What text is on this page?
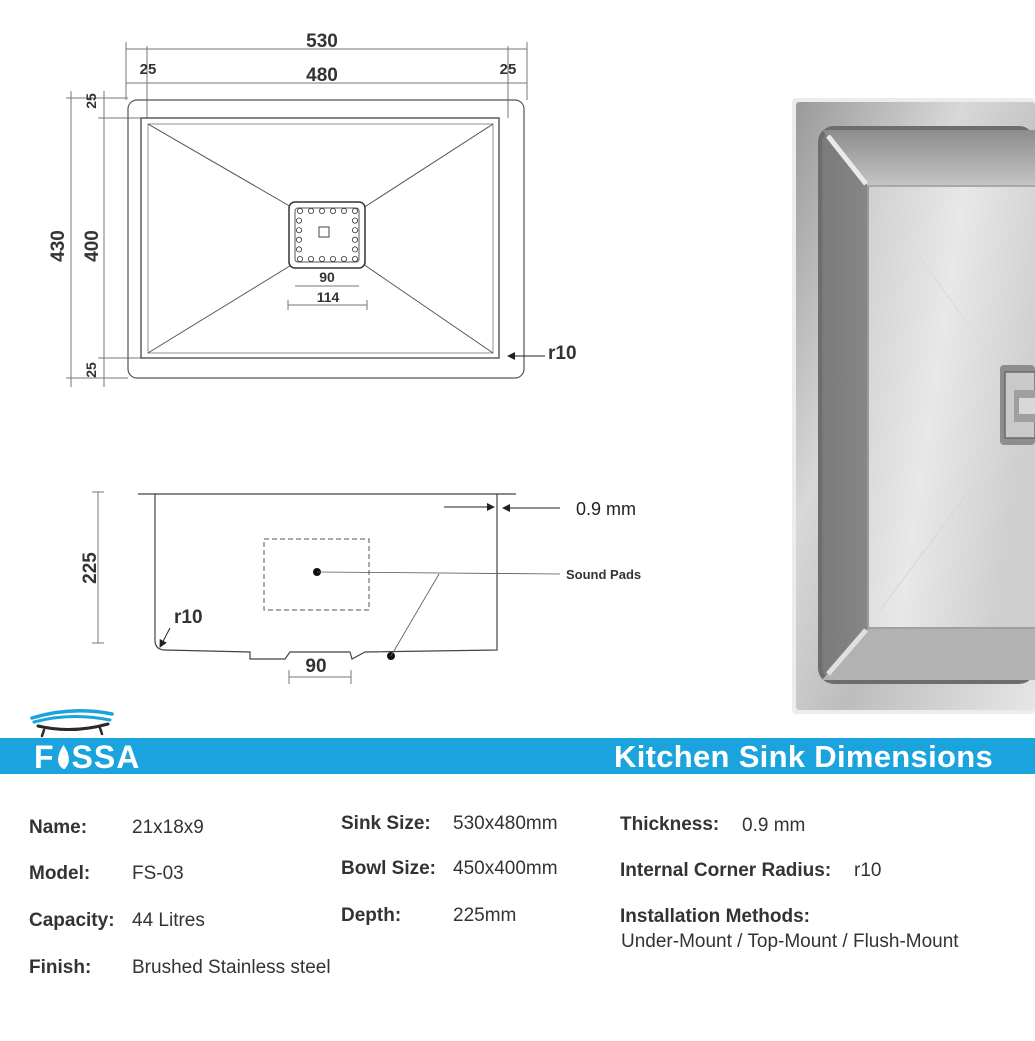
530
480
25	25
430 400
25
25
90
114
r10
225	Sound Pads
0.9 mm
r10
90
F SSA	Kitchen Sink Dimensions
Name: 21x18x9
Model: FS-03
Capacity: 44 Litres
Finish: Brushed Stainless steel
Sink Size: 530x480mm
Bowl Size: 450x400mm
Depth:	225mm
Thickness: 0.9 mm
Internal Corner Radius: r10
Installation Methods:
Under-Mount / Top-Mount / Flush-Mount
